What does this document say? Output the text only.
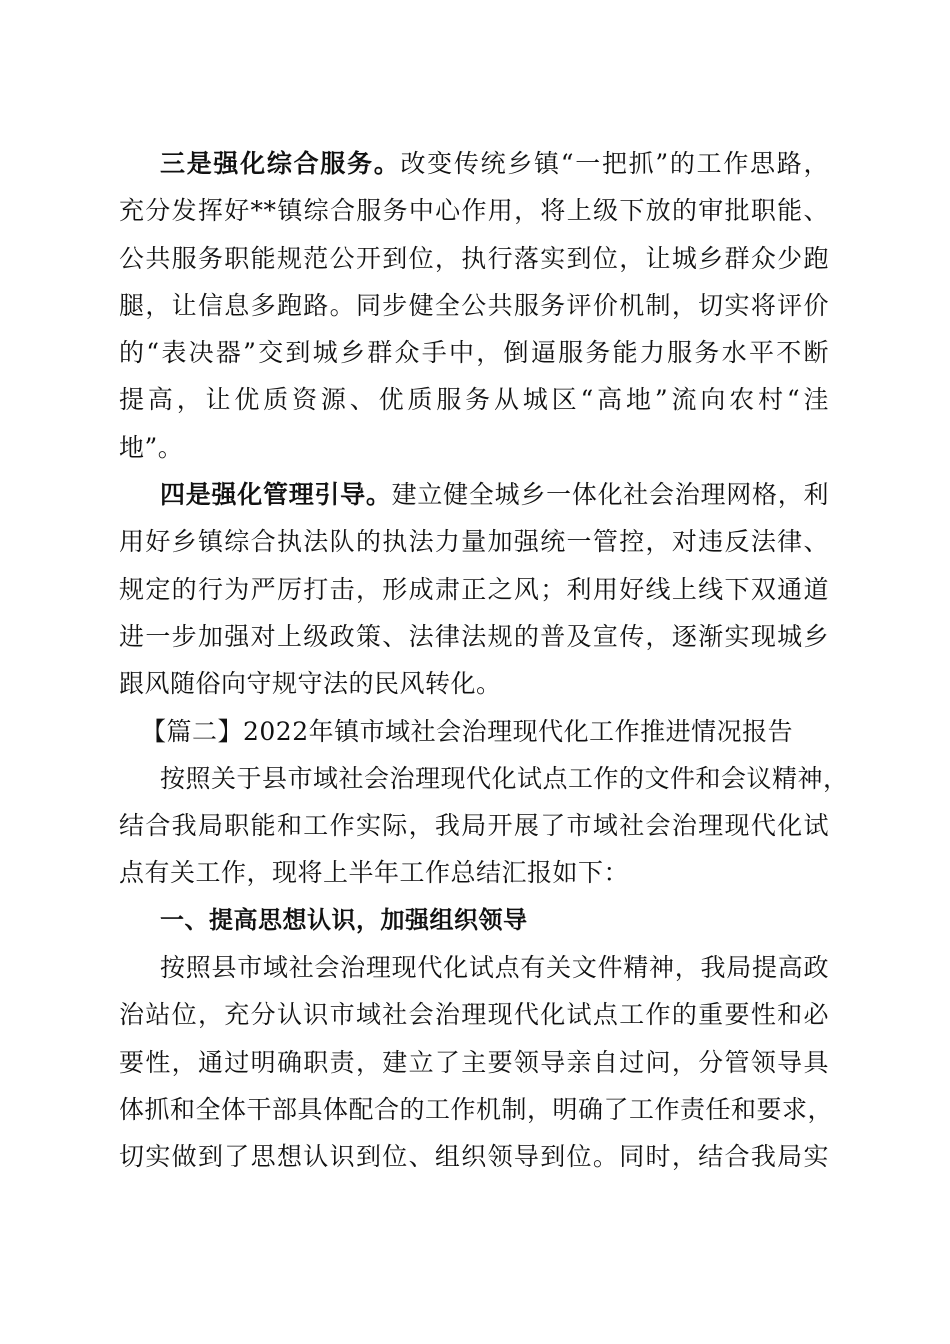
三是强化综合服务。改变传统乡镇“一把抓”的工作思路，
充分发挥好**镇综合服务中心作用，将上级下放的审批职能、
公共服务职能规范公开到位，执行落实到位，让城乡群众少跑
腿，让信息多跑路。同步健全公共服务评价机制，切实将评价
的“表决器”交到城乡群众手中，倒逼服务能力服务水平不断
提高，让优质资源、优质服务从城区“高地”流向农村“洼
地”。
四是强化管理引导。建立健全城乡一体化社会治理网格，利
用好乡镇综合执法队的执法力量加强统一管控，对违反法律、
规定的行为严厉打击，形成肃正之风；利用好线上线下双通道
进一步加强对上级政策、法律法规的普及宣传，逐渐实现城乡
跟风随俗向守规守法的民风转化。
【篇二】2022年镇市域社会治理现代化工作推进情况报告
按照关于县市域社会治理现代化试点工作的文件和会议精神，
结合我局职能和工作实际，我局开展了市域社会治理现代化试
点有关工作，现将上半年工作总结汇报如下：
一、提高思想认识，加强组织领导
按照县市域社会治理现代化试点有关文件精神，我局提高政
治站位，充分认识市域社会治理现代化试点工作的重要性和必
要性，通过明确职责，建立了主要领导亲自过问，分管领导具
体抓和全体干部具体配合的工作机制，明确了工作责任和要求，
切实做到了思想认识到位、组织领导到位。同时，结合我局实
